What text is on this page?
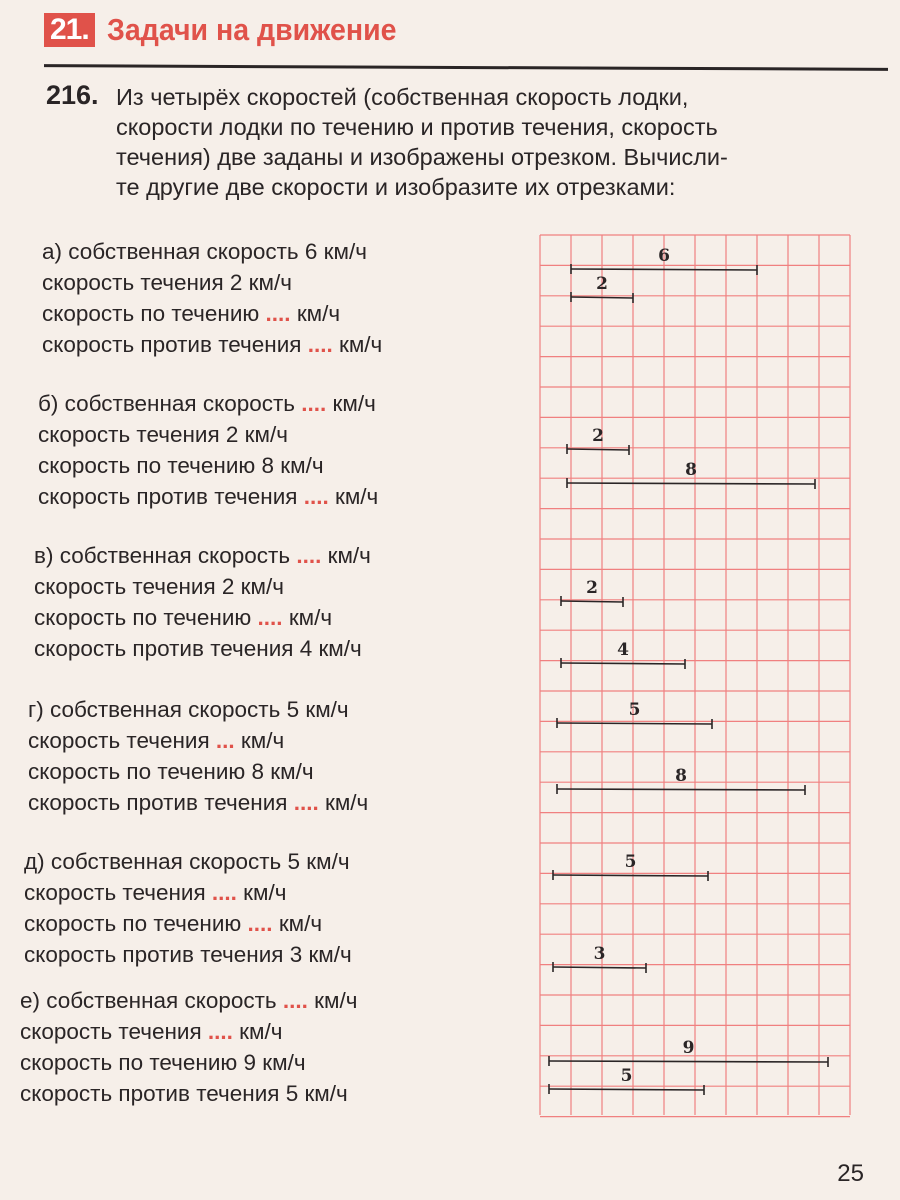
21. Задачи на движение
216. Из четырёх скоростей (собственная скорость лодки,
скорости лодки по течению и против течения, скорость
течения) две заданы и изображены отрезком. Вычисли-
те другие две скорости и изобразите их отрезками:
а) собственная скорость 6 км/ч
скорость течения 2 км/ч
скорость по течению .... км/ч
скорость против течения .... км/ч
б) собственная скорость .... км/ч
скорость течения 2 км/ч
скорость по течению 8 км/ч
скорость против течения .... км/ч
в) собственная скорость .... км/ч
скорость течения 2 км/ч
скорость по течению .... км/ч
скорость против течения 4 км/ч
г) собственная скорость 5 км/ч
скорость течения ... км/ч
скорость по течению 8 км/ч
скорость против течения .... км/ч
д) собственная скорость 5 км/ч
скорость течения .... км/ч
скорость по течению .... км/ч
скорость против течения 3 км/ч
е) собственная скорость .... км/ч
скорость течения .... км/ч
скорость по течению 9 км/ч
скорость против течения 5 км/ч
6
2
2
8
2
4
5
8
5
3
9
5
25
